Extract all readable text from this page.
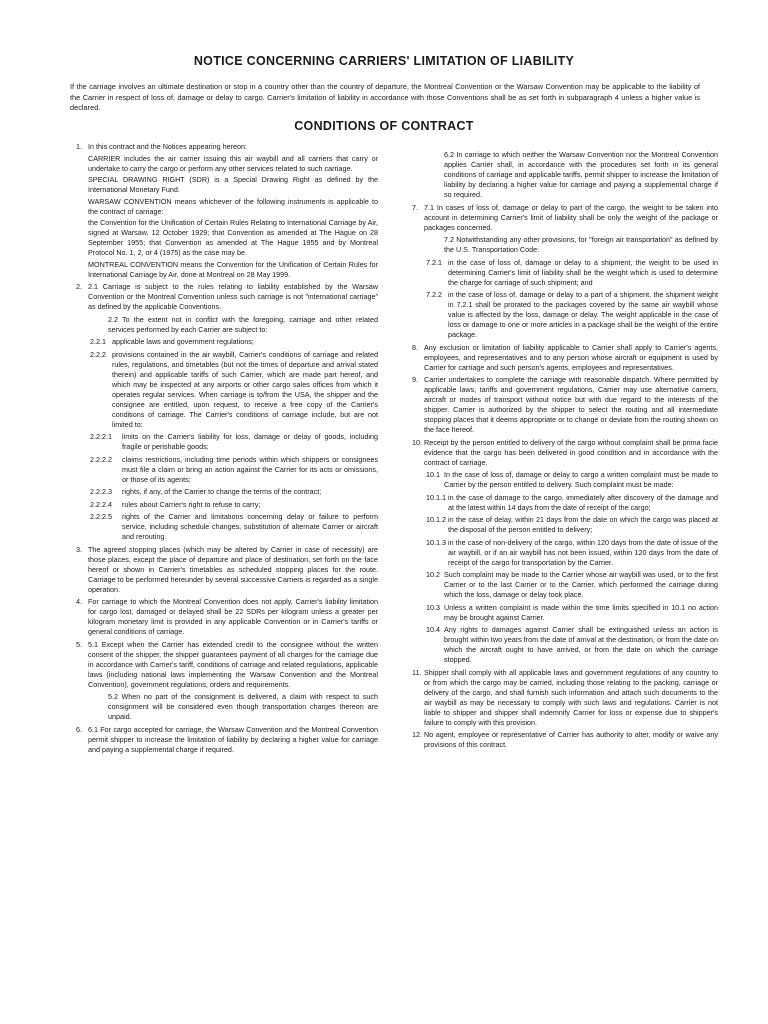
NOTICE CONCERNING CARRIERS' LIMITATION OF LIABILITY
If the carriage involves an ultimate destination or stop in a country other than the country of departure, the Montreal Convention or the Warsaw Convention may be applicable to the liability of the Carrier in respect of loss of, damage or delay to cargo. Carrier's limitation of liability in accordance with those Conventions shall be as set forth in subparagraph 4 unless a higher value is declared.
CONDITIONS OF CONTRACT
1. In this contract and the Notices appearing hereon:
CARRIER includes the air carrier issuing this air waybill and all carriers that carry or undertake to carry the cargo or perform any other services related to such carriage.
SPECIAL DRAWING RIGHT (SDR) is a Special Drawing Right as defined by the International Monetary Fund.
WARSAW CONVENTION means whichever of the following instruments is applicable to the contract of carriage:
the Convention for the Unification of Certain Rules Relating to International Carriage by Air, signed at Warsaw, 12 October 1929; that Convention as amended at The Hague on 28 September 1955; that Convention as amended at The Hague 1955 and by Montreal Protocol No. 1, 2, or 4 (1975) as the case may be.
MONTREAL CONVENTION means the Convention for the Unification of Certain Rules for International Carriage by Air, done at Montreal on 28 May 1999.
2. 2.1 Carriage is subject to the rules relating to liability established by the Warsaw Convention or the Montreal Convention unless such carriage is not "international carriage" as defined by the applicable Conventions.
2.2 To the extent not in conflict with the foregoing, carriage and other related services performed by each Carrier are subject to:
2.2.1 applicable laws and government regulations;
2.2.2 provisions contained in the air waybill, Carrier's conditions of carriage and related rules, regulations, and timetables (but not the times of departure and arrival stated therein) and applicable tariffs of such Carrier, which are made part hereof, and which may be inspected at any airports or other cargo sales offices from which it operates regular services. When carriage is to/from the USA, the shipper and the consignee are entitled, upon request, to receive a free copy of the Carrier's conditions of carriage. The Carrier's conditions of carriage include, but are not limited to:
2.2.2.1 limits on the Carrier's liability for loss, damage or delay of goods, including fragile or perishable goods;
2.2.2.2 claims restrictions, including time periods within which shippers or consignees must file a claim or bring an action against the Carrier for its acts or omissions, or those of its agents;
2.2.2.3 rights, if any, of the Carrier to change the terms of the contract;
2.2.2.4 rules about Carrier's right to refuse to carry;
2.2.2.5 rights of the Carrier and limitations concerning delay or failure to perform service, including schedule changes, substitution of alternate Carrier or aircraft and rerouting.
3. The agreed stopping places (which may be altered by Carrier in case of necessity) are those places, except the place of departure and place of destination, set forth on the face hereof or shown in Carrier's timetables as scheduled stopping places for the route. Carriage to be performed hereunder by several successive Carriers is regarded as a single operation.
4. For carriage to which the Montreal Convention does not apply, Carrier's liability limitation for cargo lost, damaged or delayed shall be 22 SDRs per kilogram unless a greater per kilogram monetary limit is provided in any applicable Convention or in Carrier's tariffs or general conditions of carriage.
5. 5.1 Except when the Carrier has extended credit to the consignee without the written consent of the shipper, the shipper guarantees payment of all charges for the carriage due in accordance with Carrier's tariff, conditions of carriage and related regulations, applicable laws (including national laws implementing the Warsaw Convention and the Montreal Convention), government regulations, orders and requirements.
5.2 When no part of the consignment is delivered, a claim with respect to such consignment will be considered even though transportation charges thereon are unpaid.
6. 6.1 For cargo accepted for carriage, the Warsaw Convention and the Montreal Convention permit shipper to increase the limitation of liability by declaring a higher value for carriage and paying a supplemental charge if required.
6.2 In carriage to which neither the Warsaw Convention nor the Montreal Convention applies Carrier shall, in accordance with the procedures set forth in its general conditions of carriage and applicable tariffs, permit shipper to increase the limitation of liability by declaring a higher value for carriage and paying a supplemental charge if so required.
7. 7.1 In cases of loss of, damage or delay to part of the cargo, the weight to be taken into account in determining Carrier's limit of liability shall be only the weight of the package or packages concerned.
7.2 Notwithstanding any other provisions, for "foreign air transportation" as defined by the U.S. Transportation Code:
7.2.1 in the case of loss of, damage or delay to a shipment, the weight to be used in determining Carrier's limit of liability shall be the weight which is used to determine the charge for carriage of such shipment; and
7.2.2 in the case of loss of, damage or delay to a part of a shipment, the shipment weight in 7.2.1 shall be prorated to the packages covered by the same air waybill whose value is affected by the loss, damage or delay. The weight applicable in the case of loss or damage to one or more articles in a package shall be the weight of the entire package.
8. Any exclusion or limitation of liability applicable to Carrier shall apply to Carrier's agents, employees, and representatives and to any person whose aircraft or equipment is used by Carrier for carriage and such person's agents, employees and representatives.
9. Carrier undertakes to complete the carriage with reasonable dispatch. Where permitted by applicable laws, tariffs and government regulations, Carrier may use alternative carriers, aircraft or modes of transport without notice but with due regard to the interests of the shipper. Carrier is authorized by the shipper to select the routing and all intermediate stopping places that it deems appropriate or to change or deviate from the routing shown on the face hereof.
10. Receipt by the person entitled to delivery of the cargo without complaint shall be prima facie evidence that the cargo has been delivered in good condition and in accordance with the contract of carriage.
10.1 In the case of loss of, damage or delay to cargo a written complaint must be made to Carrier by the person entitled to delivery. Such complaint must be made:
10.1.1 in the case of damage to the cargo, immediately after discovery of the damage and at the latest within 14 days from the date of receipt of the cargo;
10.1.2 in the case of delay, within 21 days from the date on which the cargo was placed at the disposal of the person entitled to delivery;
10.1.3 in the case of non-delivery of the cargo, within 120 days from the date of issue of the air waybill, or if an air waybill has not been issued, within 120 days from the date of receipt of the cargo for transportation by the Carrier.
10.2 Such complaint may be made to the Carrier whose air waybill was used, or to the first Carrier or to the last Carrier or to the Carrier, which performed the carriage during which the loss, damage or delay took place.
10.3 Unless a written complaint is made within the time limits specified in 10.1 no action may be brought against Carrier.
10.4 Any rights to damages against Carrier shall be extinguished unless an action is brought within two years from the date of arrival at the destination, or from the date on which the aircraft ought to have arrived, or from the date on which the carriage stopped.
11. Shipper shall comply with all applicable laws and government regulations of any country to or from which the cargo may be carried, including those relating to the packing, carriage or delivery of the cargo, and shall furnish such information and attach such documents to the air waybill as may be necessary to comply with such laws and regulations. Carrier is not liable to shipper and shipper shall indemnify Carrier for loss or expense due to shipper's failure to comply with this provision.
12. No agent, employee or representative of Carrier has authority to alter, modify or waive any provisions of this contract.
